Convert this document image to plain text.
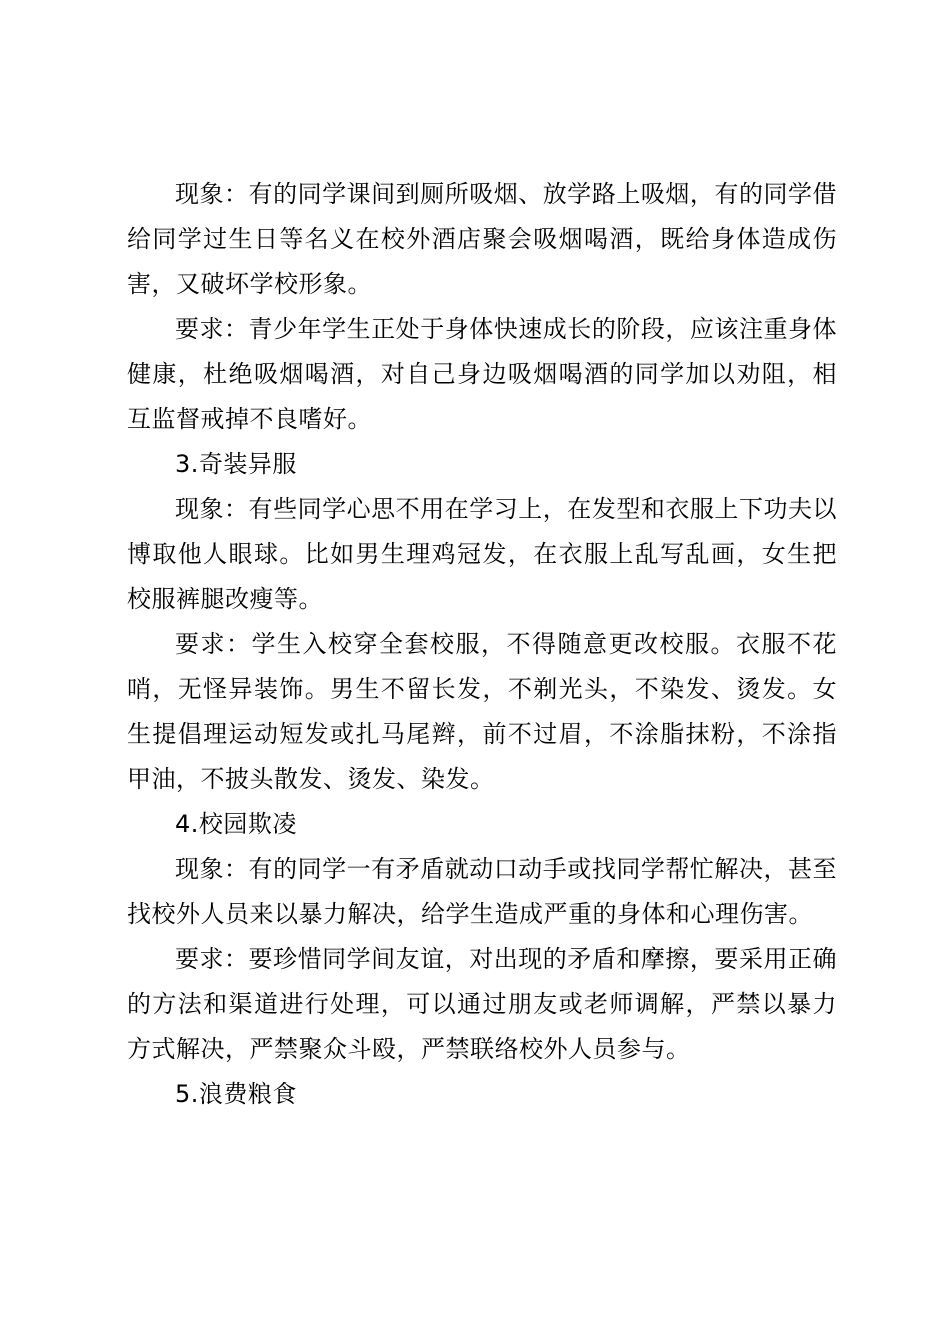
现象：有的同学课间到厕所吸烟、放学路上吸烟，有的同学借给同学过生日等名义在校外酒店聚会吸烟喝酒，既给身体造成伤害，又破坏学校形象。

要求：青少年学生正处于身体快速成长的阶段，应该注重身体健康，杜绝吸烟喝酒，对自己身边吸烟喝酒的同学加以劝阻，相互监督戒掉不良嗜好。

3.奇装异服

现象：有些同学心思不用在学习上，在发型和衣服上下功夫以博取他人眼球。比如男生理鸡冠发，在衣服上乱写乱画，女生把校服裤腿改瘦等。

要求：学生入校穿全套校服，不得随意更改校服。衣服不花哨，无怪异装饰。男生不留长发，不剃光头，不染发、烫发。女生提倡理运动短发或扎马尾辫，前不过眉，不涂脂抹粉，不涂指甲油，不披头散发、烫发、染发。

4.校园欺凌

现象：有的同学一有矛盾就动口动手或找同学帮忙解决，甚至找校外人员来以暴力解决，给学生造成严重的身体和心理伤害。

要求：要珍惜同学间友谊，对出现的矛盾和摩擦，要采用正确的方法和渠道进行处理，可以通过朋友或老师调解，严禁以暴力方式解决，严禁聚众斗殴，严禁联络校外人员参与。

5.浪费粮食
